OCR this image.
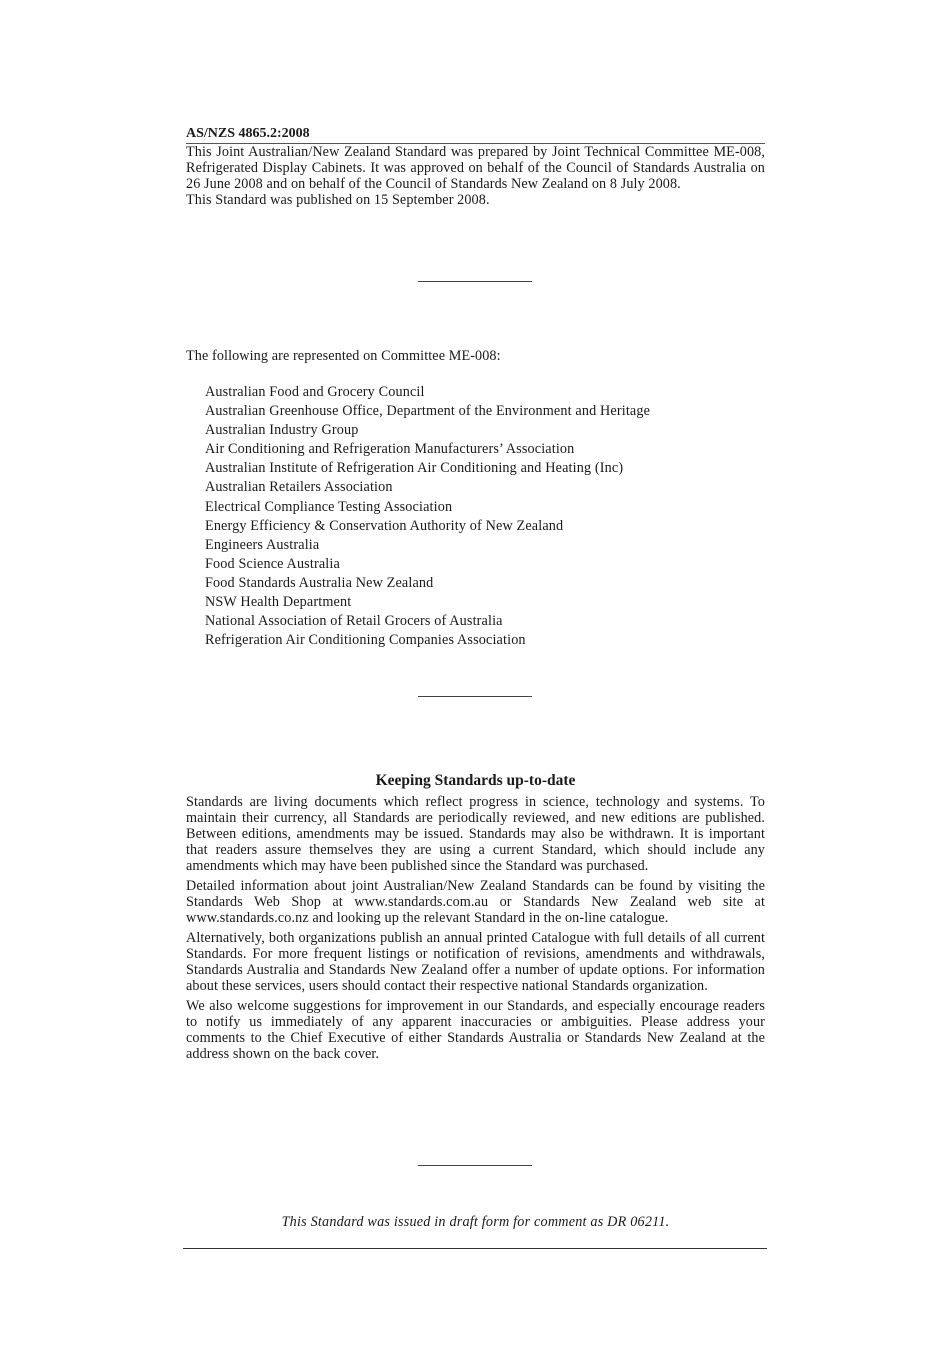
AS/NZS 4865.2:2008

This Joint Australian/New Zealand Standard was prepared by Joint Technical Committee ME-008, Refrigerated Display Cabinets. It was approved on behalf of the Council of Standards Australia on 26 June 2008 and on behalf of the Council of Standards New Zealand on 8 July 2008.

This Standard was published on 15 September 2008.

The following are represented on Committee ME-008:
Australian Food and Grocery Council
Australian Greenhouse Office, Department of the Environment and Heritage
Australian Industry Group
Air Conditioning and Refrigeration Manufacturers’ Association
Australian Institute of Refrigeration Air Conditioning and Heating (Inc)
Australian Retailers Association
Electrical Compliance Testing Association
Energy Efficiency & Conservation Authority of New Zealand
Engineers Australia
Food Science Australia
Food Standards Australia New Zealand
NSW Health Department
National Association of Retail Grocers of Australia
Refrigeration Air Conditioning Companies Association
Keeping Standards up-to-date

Standards are living documents which reflect progress in science, technology and systems. To maintain their currency, all Standards are periodically reviewed, and new editions are published. Between editions, amendments may be issued. Standards may also be withdrawn. It is important that readers assure themselves they are using a current Standard, which should include any amendments which may have been published since the Standard was purchased.

Detailed information about joint Australian/New Zealand Standards can be found by visiting the Standards Web Shop at www.standards.com.au or Standards New Zealand web site at www.standards.co.nz and looking up the relevant Standard in the on-line catalogue.

Alternatively, both organizations publish an annual printed Catalogue with full details of all current Standards. For more frequent listings or notification of revisions, amendments and withdrawals, Standards Australia and Standards New Zealand offer a number of update options. For information about these services, users should contact their respective national Standards organization.

We also welcome suggestions for improvement in our Standards, and especially encourage readers to notify us immediately of any apparent inaccuracies or ambiguities. Please address your comments to the Chief Executive of either Standards Australia or Standards New Zealand at the address shown on the back cover.

This Standard was issued in draft form for comment as DR 06211.
